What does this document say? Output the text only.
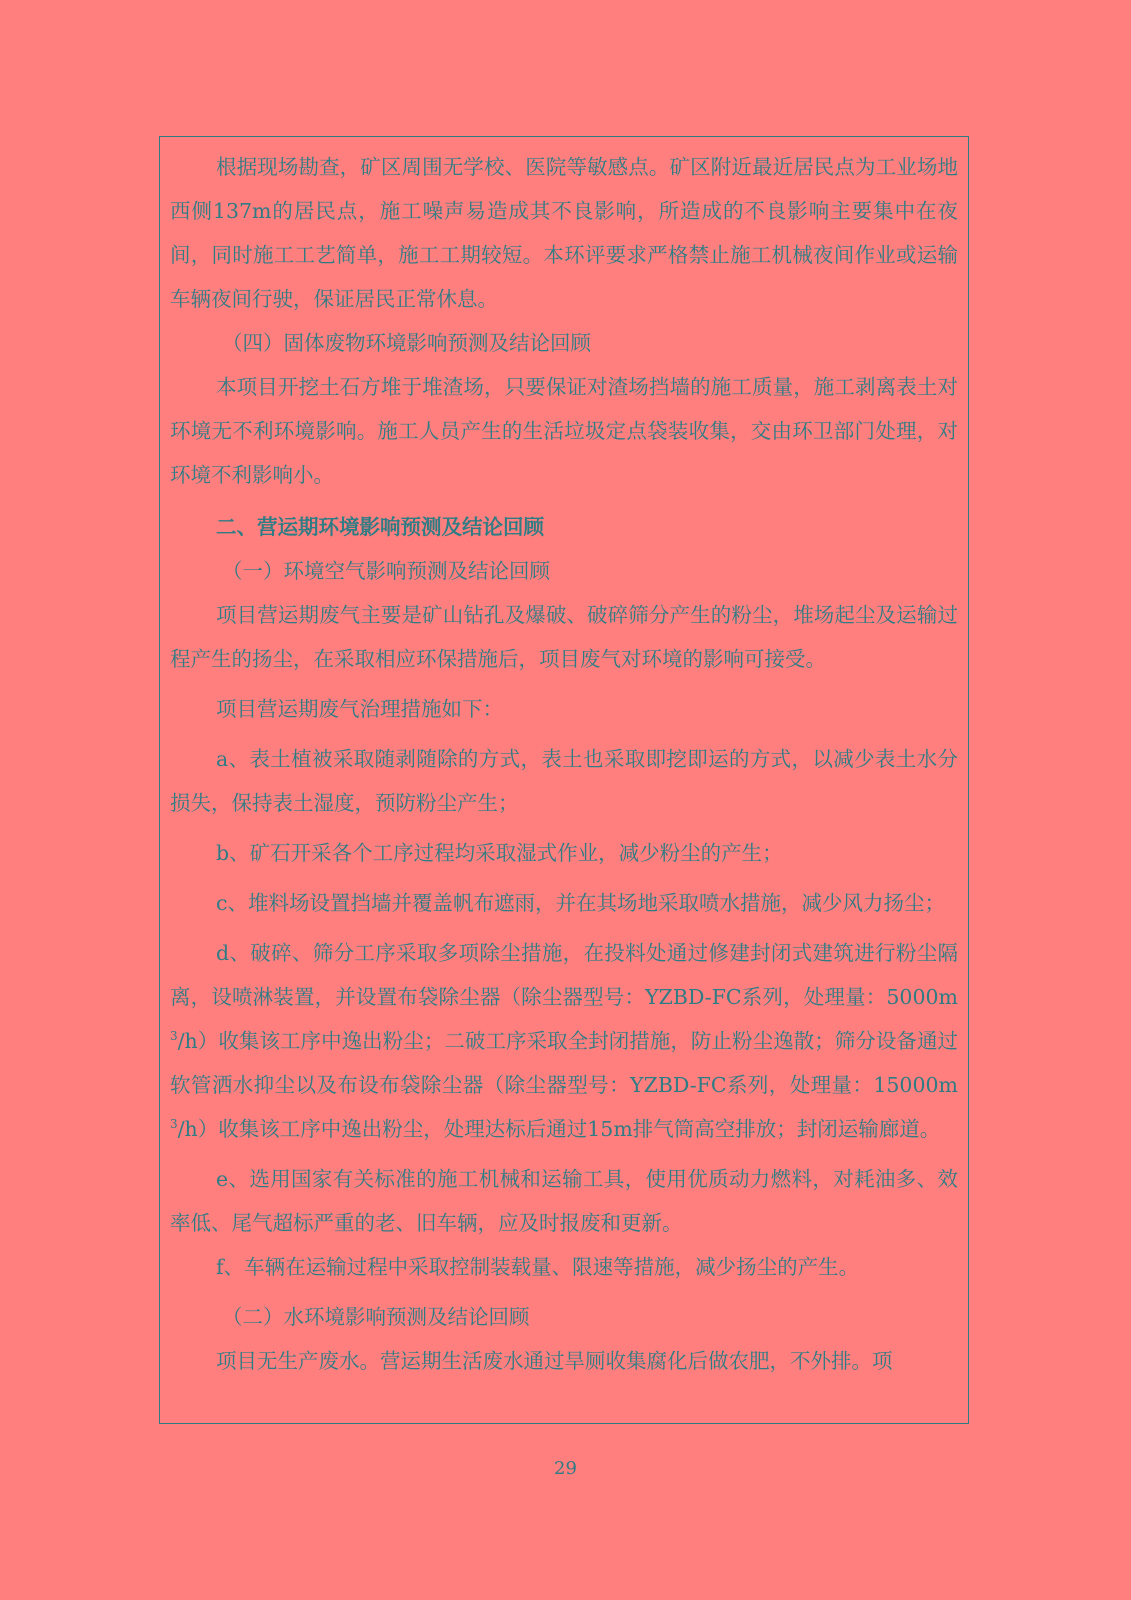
根据现场勘查，矿区周围无学校、医院等敏感点。矿区附近最近居民点为工业场地西侧137m的居民点，施工噪声易造成其不良影响，所造成的不良影响主要集中在夜间，同时施工工艺简单，施工工期较短。本环评要求严格禁止施工机械夜间作业或运输车辆夜间行驶，保证居民正常休息。

（四）固体废物环境影响预测及结论回顾

本项目开挖土石方堆于堆渣场，只要保证对渣场挡墙的施工质量，施工剥离表土对环境无不利环境影响。施工人员产生的生活垃圾定点袋装收集，交由环卫部门处理，对环境不利影响小。

二、营运期环境影响预测及结论回顾

（一）环境空气影响预测及结论回顾

项目营运期废气主要是矿山钻孔及爆破、破碎筛分产生的粉尘，堆场起尘及运输过程产生的扬尘，在采取相应环保措施后，项目废气对环境的影响可接受。

项目营运期废气治理措施如下：

a、表土植被采取随剥随除的方式，表土也采取即挖即运的方式，以减少表土水分损失，保持表土湿度，预防粉尘产生；

b、矿石开采各个工序过程均采取湿式作业，减少粉尘的产生；

c、堆料场设置挡墙并覆盖帆布遮雨，并在其场地采取喷水措施，减少风力扬尘；

d、破碎、筛分工序采取多项除尘措施，在投料处通过修建封闭式建筑进行粉尘隔离，设喷淋装置，并设置布袋除尘器（除尘器型号：YZBD-FC系列，处理量：$5000m^3/h$）收集该工序中逸出粉尘；二破工序采取全封闭措施，防止粉尘逸散；筛分设备通过软管洒水抑尘以及布设布袋除尘器（除尘器型号：YZBD-FC系列，处理量：$15000m^3/h$）收集该工序中逸出粉尘，处理达标后通过15m排气筒高空排放；封闭运输廊道。

e、选用国家有关标准的施工机械和运输工具，使用优质动力燃料，对耗油多、效率低、尾气超标严重的老、旧车辆，应及时报废和更新。

f、车辆在运输过程中采取控制装载量、限速等措施，减少扬尘的产生。

（二）水环境影响预测及结论回顾

项目无生产废水。营运期生活废水通过旱厕收集腐化后做农肥，不外排。项

29
